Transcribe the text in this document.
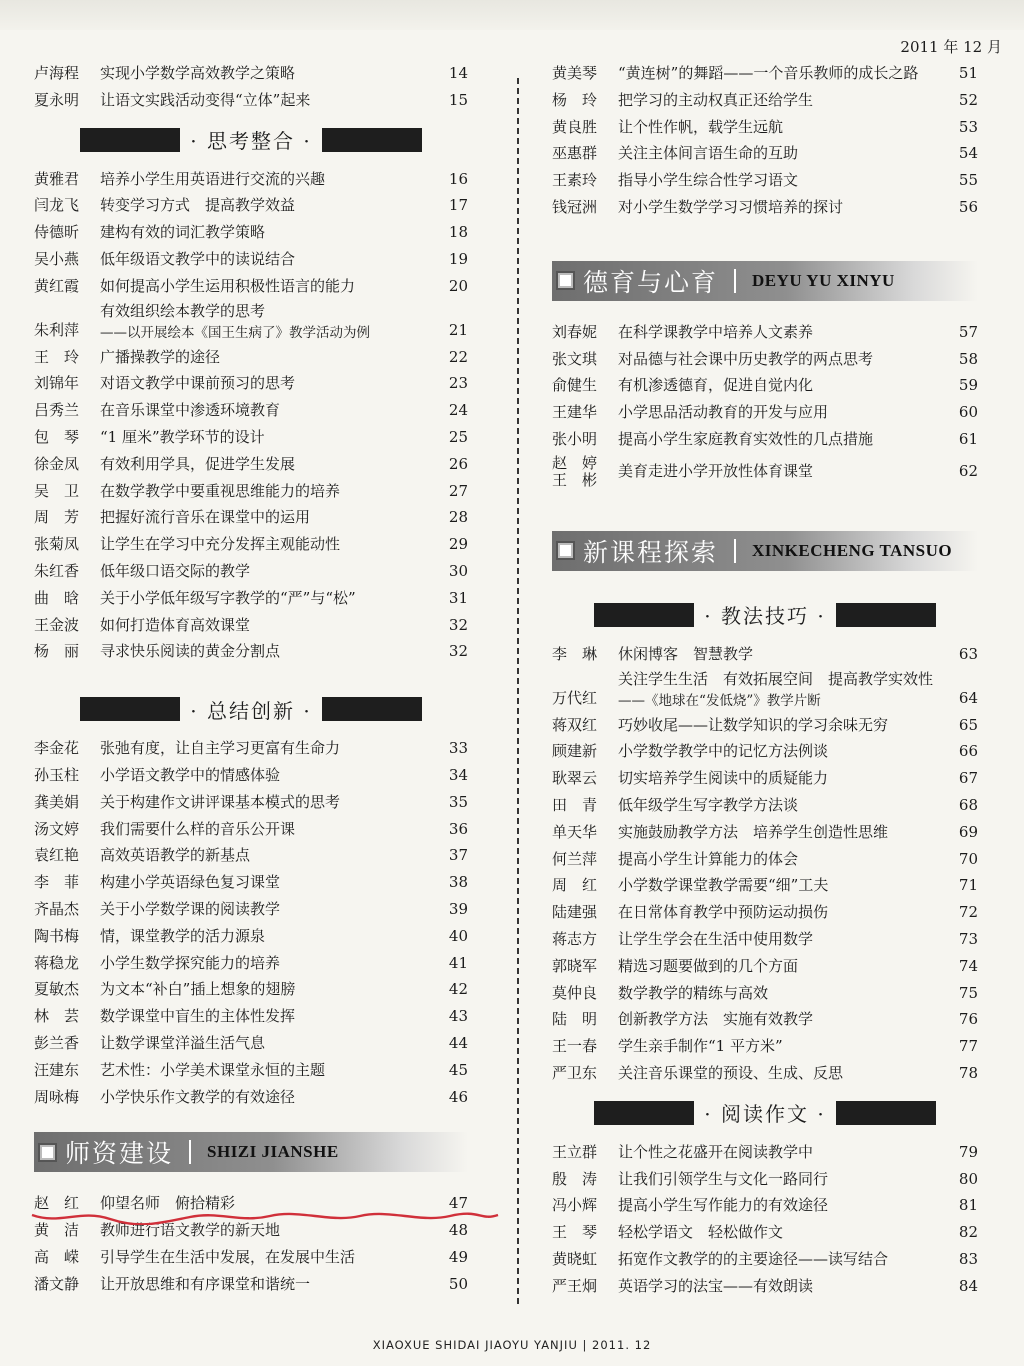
2011 年 12 月
卢海程	实现小学数学高效教学之策略	14
夏永明	让语文实践活动变得“立体”起来	15
· 思考整合 ·
黄雅君	培养小学生用英语进行交流的兴趣	16
闫龙飞	转变学习方式　提高教学效益	17
侍德昕	建构有效的词汇教学策略	18
吴小燕	低年级语文教学中的读说结合	19
黄红霞	如何提高小学生运用积极性语言的能力	20
朱利萍
有效组织绘本教学的思考
——以开展绘本《国王生病了》教学活动为例	21
王　玲	广播操教学的途径	22
刘锦年	对语文教学中课前预习的思考	23
吕秀兰	在音乐课堂中渗透环境教育	24
包　琴	“1 厘米”教学环节的设计	25
徐金凤	有效利用学具，促进学生发展	26
吴　卫	在数学教学中要重视思维能力的培养	27
周　芳	把握好流行音乐在课堂中的运用	28
张菊凤	让学生在学习中充分发挥主观能动性	29
朱红香	低年级口语交际的教学	30
曲　晗	关于小学低年级写字教学的“严”与“松”	31
王金波	如何打造体育高效课堂	32
杨　丽	寻求快乐阅读的黄金分割点	32
· 总结创新 ·
李金花	张弛有度，让自主学习更富有生命力	33
孙玉柱	小学语文教学中的情感体验	34
龚美娟	关于构建作文讲评课基本模式的思考	35
汤文婷	我们需要什么样的音乐公开课	36
袁红艳	高效英语教学的新基点	37
李　菲	构建小学英语绿色复习课堂	38
齐晶杰	关于小学数学课的阅读教学	39
陶书梅	情，课堂教学的活力源泉	40
蒋稳龙	小学生数学探究能力的培养	41
夏敏杰	为文本“补白”插上想象的翅膀	42
林　芸	数学课堂中盲生的主体性发挥	43
彭兰香	让数学课堂洋溢生活气息	44
汪建东	艺术性：小学美术课堂永恒的主题	45
周咏梅	小学快乐作文教学的有效途径	46
师资建设 SHIZI JIANSHE
赵　红	仰望名师　俯拾精彩	47
黄　洁	教师进行语文教学的新天地	48
高　嵘	引导学生在生活中发展，在发展中生活	49
潘文静	让开放思维和有序课堂和谐统一	50
黄美琴	“黄连树”的舞蹈——一个音乐教师的成长之路	51
杨　玲	把学习的主动权真正还给学生	52
黄良胜	让个性作帆，载学生远航	53
巫惠群	关注主体间言语生命的互助	54
王素玲	指导小学生综合性学习语文	55
钱冠洲	对小学生数学学习习惯培养的探讨	56
德育与心育 DEYU YU XINYU
刘春妮	在科学课教学中培养人文素养	57
张文琪	对品德与社会课中历史教学的两点思考	58
俞健生	有机渗透德育，促进自觉内化	59
王建华	小学思品活动教育的开发与应用	60
张小明	提高小学生家庭教育实效性的几点措施	61
赵　婷
王　彬	美育走进小学开放性体育课堂	62
新课程探索 XINKECHENG TANSUO
· 教法技巧 ·
李　琳	休闲博客　智慧教学	63
万代红
关注学生生活　有效拓展空间　提高教学实效性
——《地球在“发低烧”》教学片断	64
蒋双红	巧妙收尾——让数学知识的学习余味无穷	65
顾建新	小学数学教学中的记忆方法例谈	66
耿翠云	切实培养学生阅读中的质疑能力	67
田　青	低年级学生写字教学方法谈	68
单天华	实施鼓励教学方法　培养学生创造性思维	69
何兰萍	提高小学生计算能力的体会	70
周　红	小学数学课堂教学需要“细”工夫	71
陆建强	在日常体育教学中预防运动损伤	72
蒋志方	让学生学会在生活中使用数学	73
郭晓军	精选习题要做到的几个方面	74
莫仲良	数学教学的精练与高效	75
陆　明	创新教学方法　实施有效教学	76
王一春	学生亲手制作“1 平方米”	77
严卫东	关注音乐课堂的预设、生成、反思	78
· 阅读作文 ·
王立群	让个性之花盛开在阅读教学中	79
殷　涛	让我们引领学生与文化一路同行	80
冯小辉	提高小学生写作能力的有效途径	81
王　琴	轻松学语文　轻松做作文	82
黄晓虹	拓宽作文教学的的主要途径——读写结合	83
严王炯	英语学习的法宝——有效朗读	84
XIAOXUE SHIDAI JIAOYU YANJIU | 2011. 12
